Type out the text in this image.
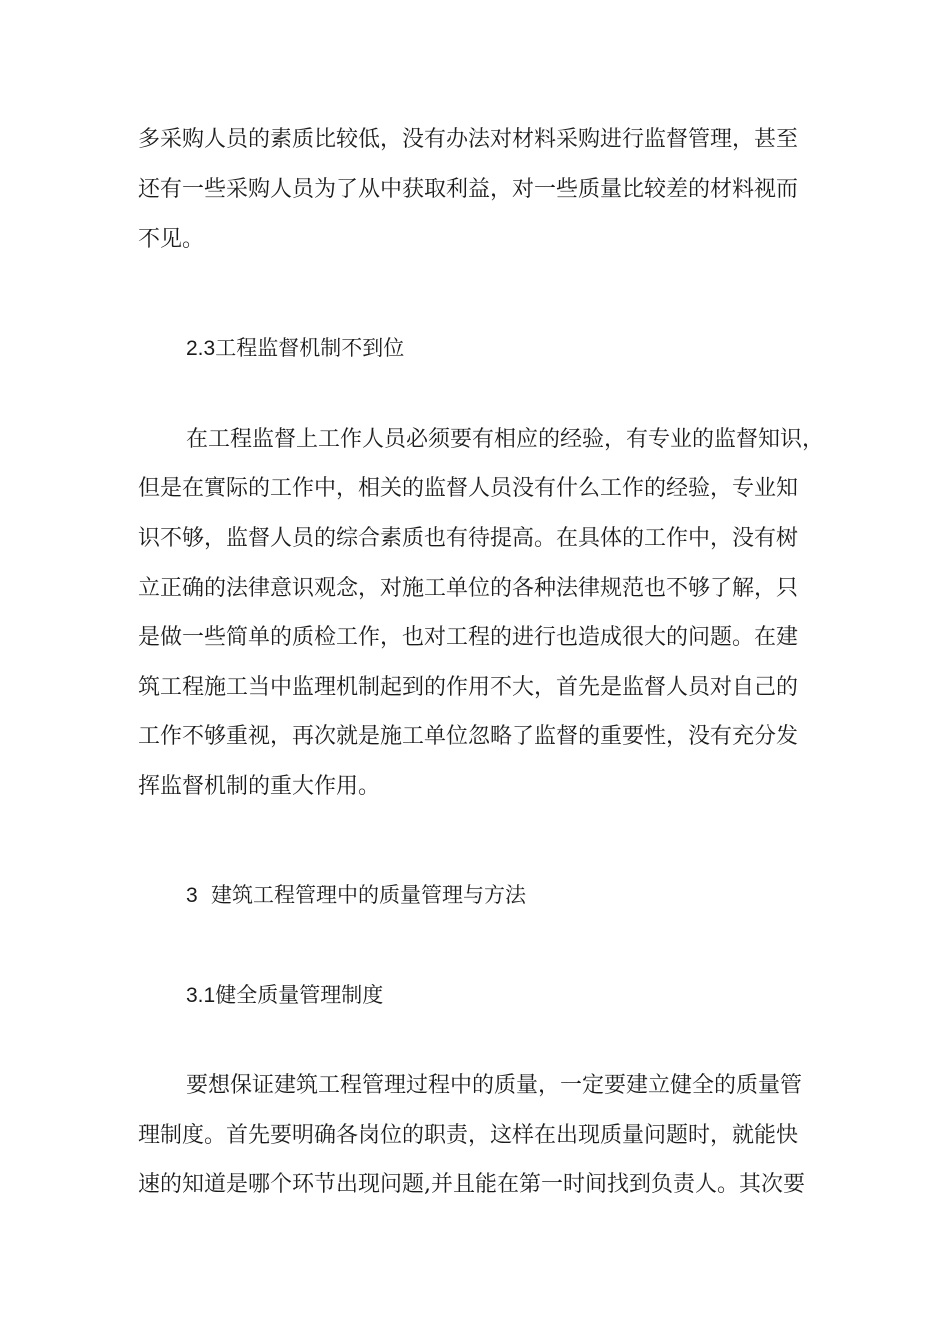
多采购人员的素质比较低，没有办法对材料采购进行监督管理，甚至
还有一些采购人员为了从中获取利益，对一些质量比较差的材料视而
不见。
2.3工程监督机制不到位
在工程监督上工作人员必须要有相应的经验，有专业的监督知识，
但是在實际的工作中，相关的监督人员没有什么工作的经验，专业知
识不够，监督人员的综合素质也有待提高。在具体的工作中，没有树
立正确的法律意识观念，对施工单位的各种法律规范也不够了解，只
是做一些简单的质检工作，也对工程的进行也造成很大的问题。在建
筑工程施工当中监理机制起到的作用不大，首先是监督人员对自己的
工作不够重视，再次就是施工单位忽略了监督的重要性，没有充分发
挥监督机制的重大作用。
3 建筑工程管理中的质量管理与方法
3.1健全质量管理制度
要想保证建筑工程管理过程中的质量，一定要建立健全的质量管
理制度。首先要明确各岗位的职责，这样在出现质量问题时，就能快
速的知道是哪个环节出现问题,并且能在第一时间找到负责人。其次要
